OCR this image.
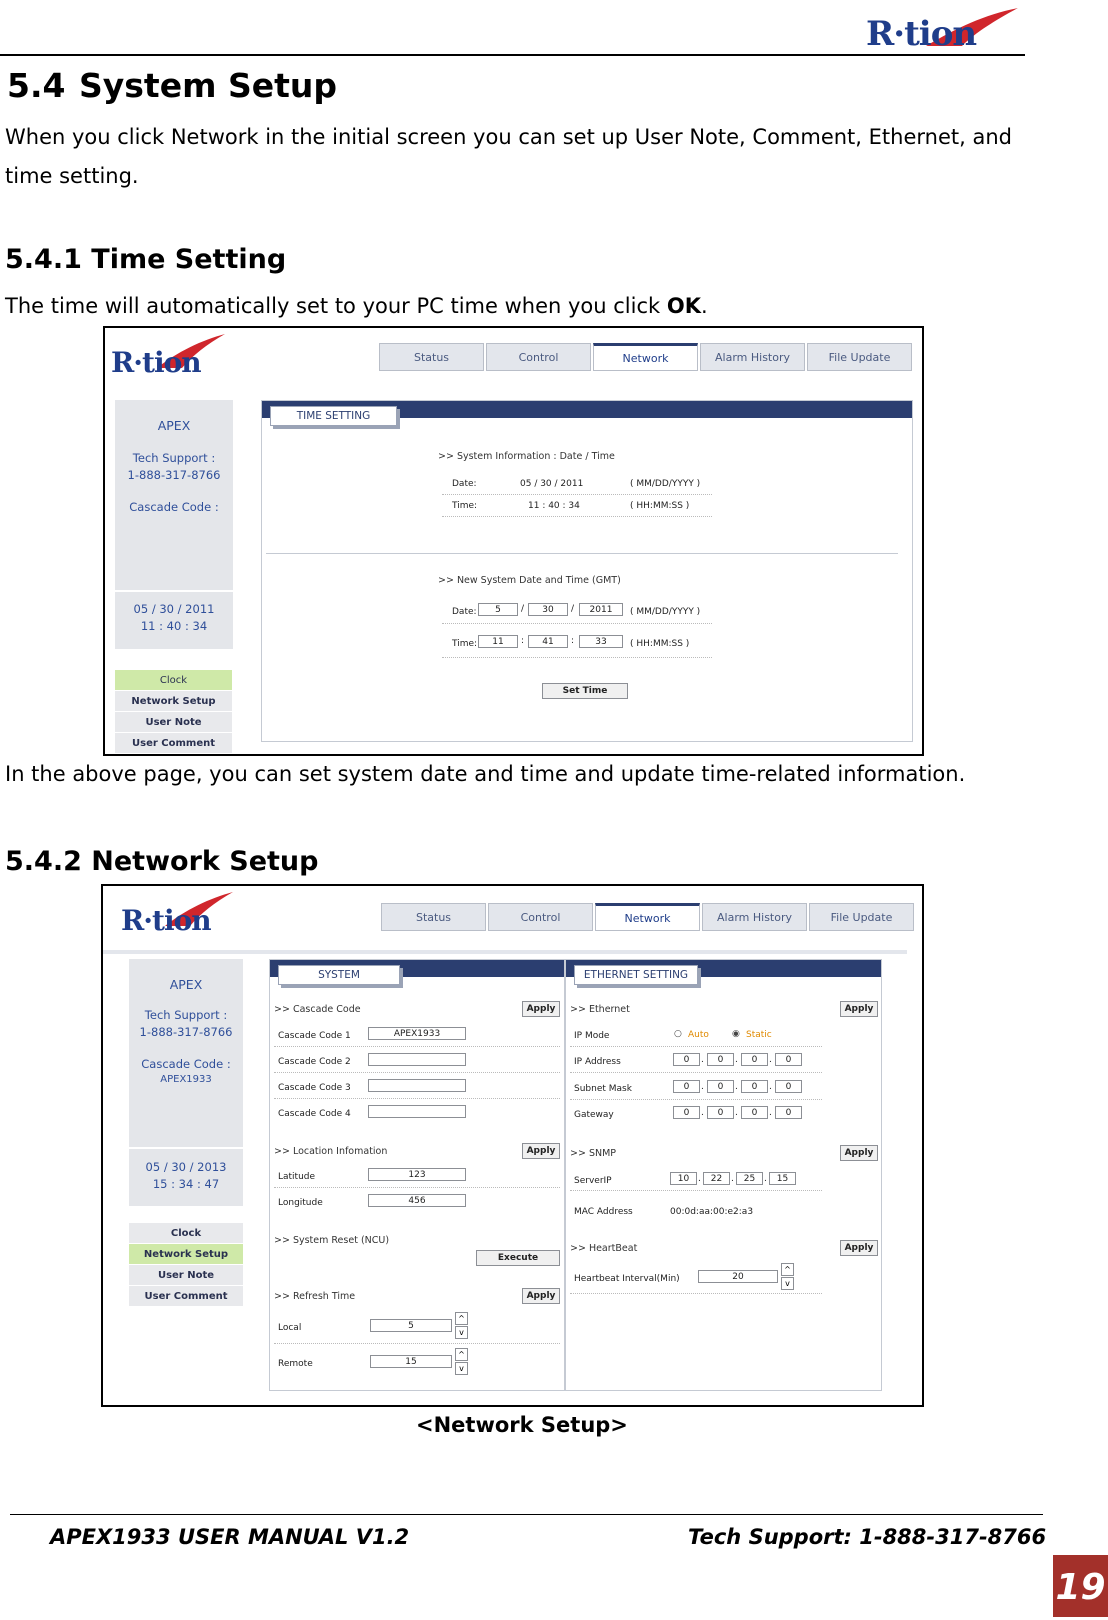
R·tion
5.4 System Setup

When you click Network in the initial screen you can set up User Note, Comment, Ethernet, and

time setting.

5.4.1 Time Setting

The time will automatically set to your PC time when you click OK.

R·tion	Status	Control	Network	Alarm History	File Update
APEX
Tech Support :
1-888-317-8766
Cascade Code :
05 / 30 / 2011
11 : 40 : 34
Clock
Network Setup
User Note
User Comment
TIME SETTING
>> System Information : Date / Time
Date:	05 / 30 / 2011	( MM/DD/YYYY )
Time:	11 : 40 : 34	( HH:MM:SS )
>> New System Date and Time (GMT)
Date:	5	/	30	/	2011	( MM/DD/YYYY )
Time:	11	:	41	:	33	( HH:MM:SS )
Set Time

In the above page, you can set system date and time and update time-related information.

5.4.2 Network Setup
R·tion	Status	Control	Network	Alarm History	File Update
APEX
Tech Support :
1-888-317-8766
Cascade Code :
APEX1933
05 / 30 / 2013
15 : 34 : 47
Clock
Network Setup
User Note
User Comment
SYSTEM
>> Cascade Code	Apply
Cascade Code 1	APEX1933
Cascade Code 2
Cascade Code 3
Cascade Code 4
>> Location Infomation	Apply
Latitude	123
Longitude	456
>> System Reset (NCU)
Execute
>> Refresh Time	Apply
Local	5
^
v
Remote	15
^
v
ETHERNET SETTING
>> Ethernet	Apply
IP Mode	○ Auto	◉ Static
IP Address	0	0	0	0
Subnet Mask	0	0	0	0
Gateway	0	0	0	0
>> SNMP	Apply
ServerIP	10	22	25	15
MAC Address	00:0d:aa:00:e2:a3
>> HeartBeat	Apply
Heartbeat Interval(Min)	20
^
v
.	.	.
.	.	.
.	.	.
.	.	.
<Network Setup>
APEX1933 USER MANUAL V1.2	Tech Support: 1-888-317-8766
19
